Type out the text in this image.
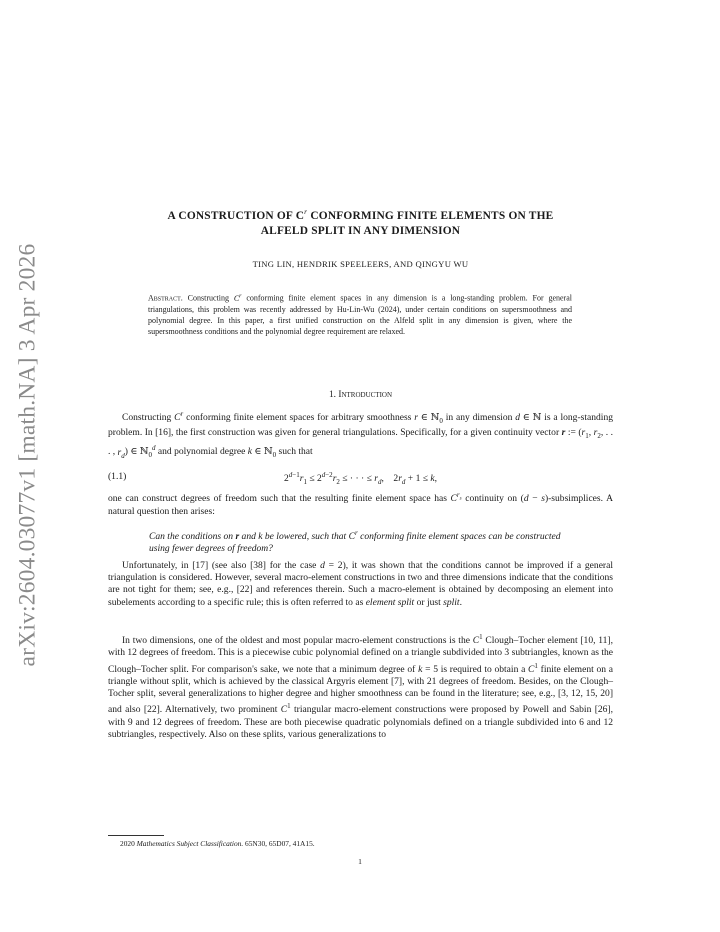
arXiv:2604.03077v1 [math.NA] 3 Apr 2026
A CONSTRUCTION OF $C^r$ CONFORMING FINITE ELEMENTS ON THE
ALFELD SPLIT IN ANY DIMENSION
TING LIN, HENDRIK SPEELEERS, AND QINGYU WU
Abstract. Constructing $C^r$ conforming finite element spaces in any dimension is a long-standing problem. For general triangulations, this problem was recently addressed by Hu-Lin-Wu (2024), under certain conditions on supersmoothness and polynomial degree. In this paper, a first unified construction on the Alfeld split in any dimension is given, where the supersmoothness conditions and the polynomial degree requirement are relaxed.
1. Introduction
Constructing $C^r$ conforming finite element spaces for arbitrary smoothness r ∈ ℕ$_0$ in any dimension d ∈ ℕ is a long-standing problem. In [16], the first construction was given for general triangulations. Specifically, for a given continuity vector r := ($r_1$, $r_2$, . . . , $r_d$) ∈ ℕ$_0^d$ and polynomial degree k ∈ ℕ$_0$ such that
(1.1)	$2^{d-1}r_1 \le 2^{d-2}r_2$ ≤ · · · ≤ $r_d$,    $2r_d + 1 \le k$,
one can construct degrees of freedom such that the resulting finite element space has $C^{r_s}$ continuity on (d − s)-subsimplices. A natural question then arises:
Can the conditions on r and k be lowered, such that $C^r$ conforming finite element spaces can be constructed using fewer degrees of freedom?
Unfortunately, in [17] (see also [38] for the case d = 2), it was shown that the conditions cannot be improved if a general triangulation is considered. However, several macro-element constructions in two and three dimensions indicate that the conditions are not tight for them; see, e.g., [22] and references therein. Such a macro-element is obtained by decomposing an element into subelements according to a specific rule; this is often referred to as element split or just split.
In two dimensions, one of the oldest and most popular macro-element constructions is the $C^1$ Clough–Tocher element [10, 11], with 12 degrees of freedom. This is a piecewise cubic polynomial defined on a triangle subdivided into 3 subtriangles, known as the Clough–Tocher split. For comparison's sake, we note that a minimum degree of k = 5 is required to obtain a $C^1$ finite element on a triangle without split, which is achieved by the classical Argyris element [7], with 21 degrees of freedom. Besides, on the Clough–Tocher split, several generalizations to higher degree and higher smoothness can be found in the literature; see, e.g., [3, 12, 15, 20] and also [22]. Alternatively, two prominent $C^1$ triangular macro-element constructions were proposed by Powell and Sabin [26], with 9 and 12 degrees of freedom. These are both piecewise quadratic polynomials defined on a triangle subdivided into 6 and 12 subtriangles, respectively. Also on these splits, various generalizations to
2020 Mathematics Subject Classification. 65N30, 65D07, 41A15.
1
